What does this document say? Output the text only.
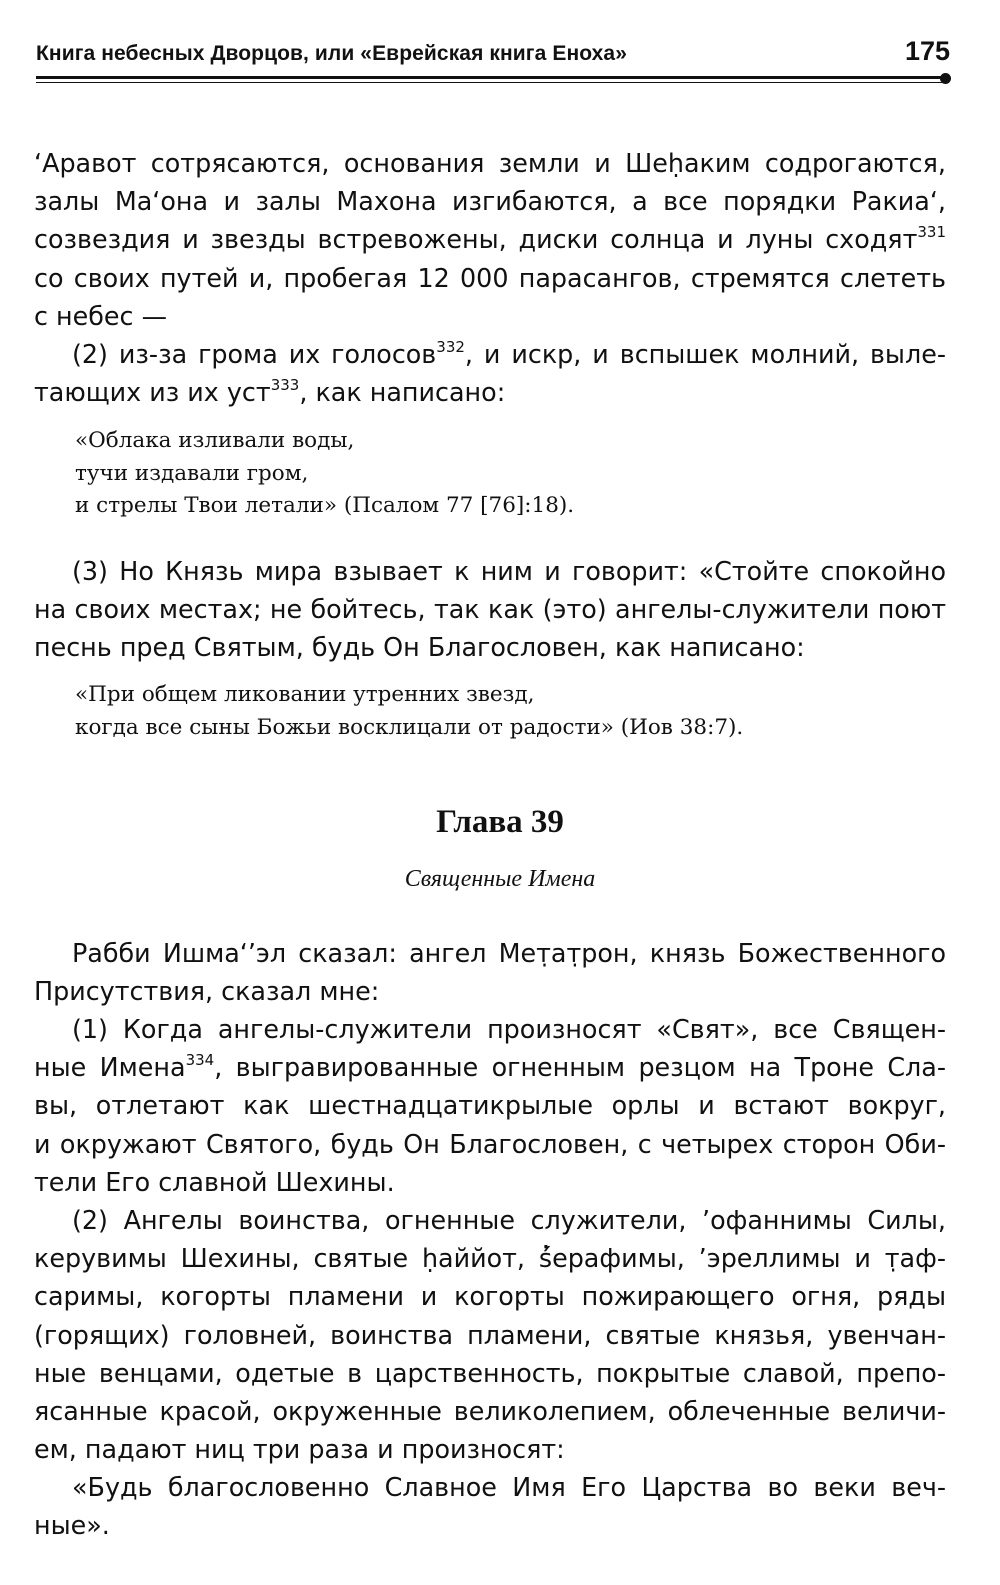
Книга небесных Дворцов, или «Еврейская книга Еноха»	175

‘Аравот сотрясаются, основания земли и Шеḥаким содрогаются,

залы Ма‘она и залы Махона изгибаются, а все порядки Ракиа‘,

созвездия и звезды встревожены, диски солнца и луны сходят$^{331}$

со своих путей и, пробегая 12 000 парасангов, стремятся слететь

с небес —

(2) из-за грома их голосов$^{332}$, и искр, и вспышек молний, выле-

тающих из их уст$^{333}$, как написано:

«Облака изливали воды,
тучи издавали гром,
и стрелы Твои летали» (Псалом 77 [76]:18).

(3) Но Князь мира взывает к ним и говорит: «Стойте спокойно

на своих местах; не бойтесь, так как (это) ангелы-служители поют

песнь пред Святым, будь Он Благословен, как написано:

«При общем ликовании утренних звезд,
когда все сыны Божьи восклицали от радости» (Иов 38:7).
Глава 39
Священные Имена

Рабби Ишма‘’эл сказал: ангел Мет̣ат̣рон, князь Божественного

Присутствия, сказал мне:

(1) Когда ангелы-служители произносят «Свят», все Священ-

ные Имена$^{334}$, выгравированные огненным резцом на Троне Сла-

вы, отлетают как шестнадцатикрылые орлы и встают вокруг,

и окружают Святого, будь Он Благословен, с четырех сторон Оби-

тели Его славной Шехины.

(2) Ангелы воинства, огненные служители, ’офаннимы Силы,

керувимы Шехины, святые ḥаййот, ś̓ерафимы, ’эреллимы и т̣аф-

саримы, когорты пламени и когорты пожирающего огня, ряды

(горящих) головней, воинства пламени, святые князья, увенчан-

ные венцами, одетые в царственность, покрытые славой, препо-

ясанные красой, окруженные великолепием, облеченные величи-

ем, падают ниц три раза и произносят:

«Будь благословенно Славное Имя Его Царства во веки веч-

ные».
